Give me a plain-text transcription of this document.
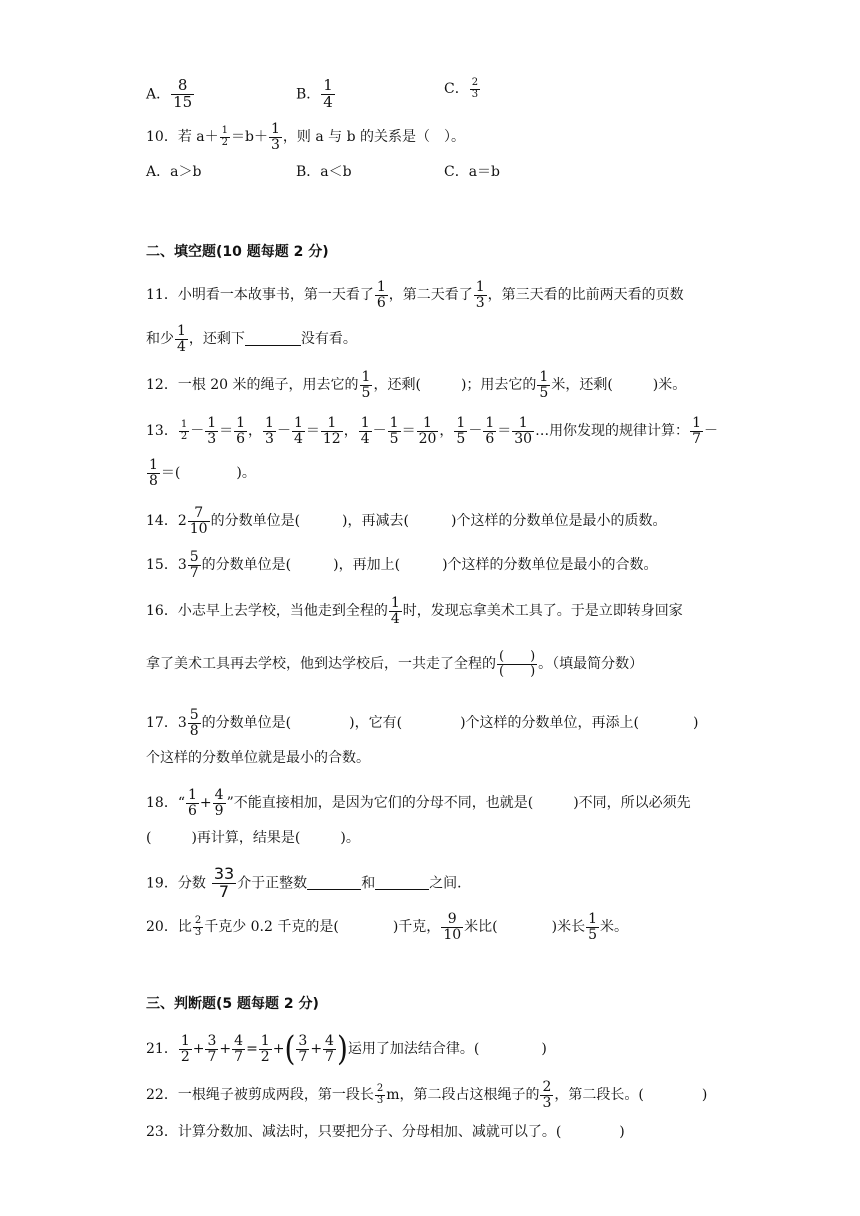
A． $\frac{8}{15}$	B． $\frac{1}{4}$	C． $\frac{2}{3}$
10．若 $a+ \frac{1}{2} =b+ \frac{1}{3}$ ，则 a 与 b 的关系是（　）。
A．a＞b	B．a＜b	C．a＝b
二、填空题(10 题每题 2 分)
11．小明看一本故事书，第一天看了 $\frac{1}{6}$ ，第二天看了 $\frac{1}{3}$ ，第三天看的比前两天看的页数
和少 $\frac{1}{4}$ ，还剩下	没有看。
12．一根 20 米的绳子，用去它的 $\frac{1}{5}$ ，还剩(	)；用去它的 $\frac{1}{5}$ 米，还剩(	)米。
13． $\frac{1}{2} - \frac{1}{3} = \frac{1}{6}$ ， $\frac{1}{3} - \frac{1}{4} = \frac{1}{12}$ ， $\frac{1}{4} - \frac{1}{5} = \frac{1}{20}$ ， $\frac{1}{5} - \frac{1}{6} = \frac{1}{30}$ …用你发现的规律计算： $\frac{1}{7}$ －
$\frac{1}{8}$ ＝(	)。
14．$2 \frac{7}{10}$ 的分数单位是(	)，再减去(	)个这样的分数单位是最小的质数。
15．$3 \frac{5}{7}$ 的分数单位是(	)，再加上(	)个这样的分数单位是最小的合数。
16．小志早上去学校，当他走到全程的 $\frac{1}{4}$ 时，发现忘拿美术工具了。于是立即转身回家
拿了美术工具再去学校，他到达学校后，一共走了全程的 (　　)
(　　) 。（填最简分数）
17．$3 \frac{5}{8}$ 的分数单位是(	)，它有(	)个这样的分数单位，再添上(	)
个这样的分数单位就是最小的合数。
18．“ $\frac{1}{6} + \frac{4}{9}$ ”不能直接相加，是因为它们的分母不同，也就是(	)不同，所以必须先
(	)再计算，结果是(	)。
19．分数 $\frac{33}{7}$ 介于正整数	和	之间．
20．比 $\frac{2}{3}$ 千克少 0.2 千克的是(	)千克， $\frac{9}{10}$ 米比(	)米长 $\frac{1}{5}$ 米。
三、判断题(5 题每题 2 分)
21． $\frac{1}{2} + \frac{3}{7} + \frac{4}{7} = \frac{1}{2}$ +( $\frac{3}{7} + \frac{4}{7}$ )运用了加法结合律。(	)
22．一根绳子被剪成两段，第一段长 $\frac{2}{3}$ m，第二段占这根绳子的 $\frac{2}{3}$ ，第二段长。(	)
23．计算分数加、减法时，只要把分子、分母相加、减就可以了。(	)
